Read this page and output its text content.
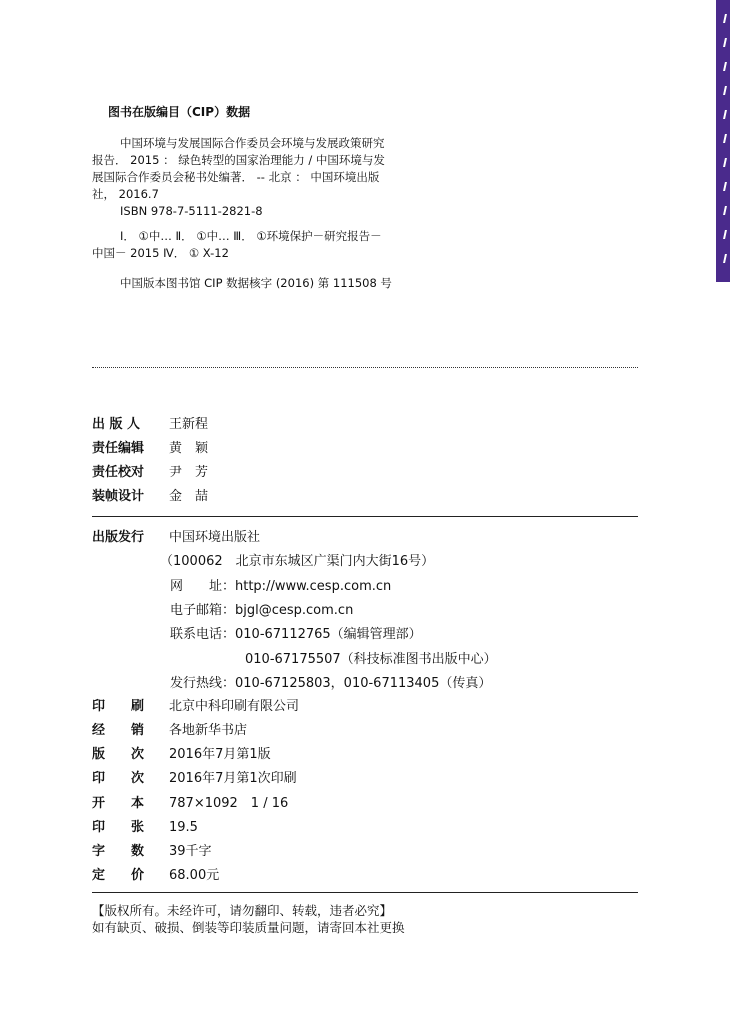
图书在版编目（CIP）数据
中国环境与发展国际合作委员会环境与发展政策研究
报告． 2015 ： 绿色转型的国家治理能力 / 中国环境与发
展国际合作委员会秘书处编著． -- 北京 ： 中国环境出版
社， 2016.7
ISBN 978-7-5111-2821-8
Ⅰ． ①中… Ⅱ． ①中… Ⅲ． ①环境保护－研究报告－
中国－ 2015 Ⅳ． ① X-12
中国版本图书馆 CIP 数据核字 (2016) 第 111508 号
出 版 人 王新程
责任编辑 黄　颖
责任校对 尹　芳
装帧设计 金　喆
出版发行 中国环境出版社
（100062　北京市东城区广渠门内大街16号）
网　　址：http://www.cesp.com.cn
电子邮箱：bjgl@cesp.com.cn
联系电话：010-67112765（编辑管理部）
010-67175507（科技标准图书出版中心）
发行热线：010-67125803，010-67113405（传真）
印　　刷 北京中科印刷有限公司
经　　销 各地新华书店
版　　次 2016年7月第1版
印　　次 2016年7月第1次印刷
开　　本 787×1092　1 / 16
印　　张 19.5
字　　数 39千字
定　　价 68.00元
【版权所有。未经许可，请勿翻印、转载，违者必究】
如有缺页、破损、倒装等印装质量问题，请寄回本社更换
